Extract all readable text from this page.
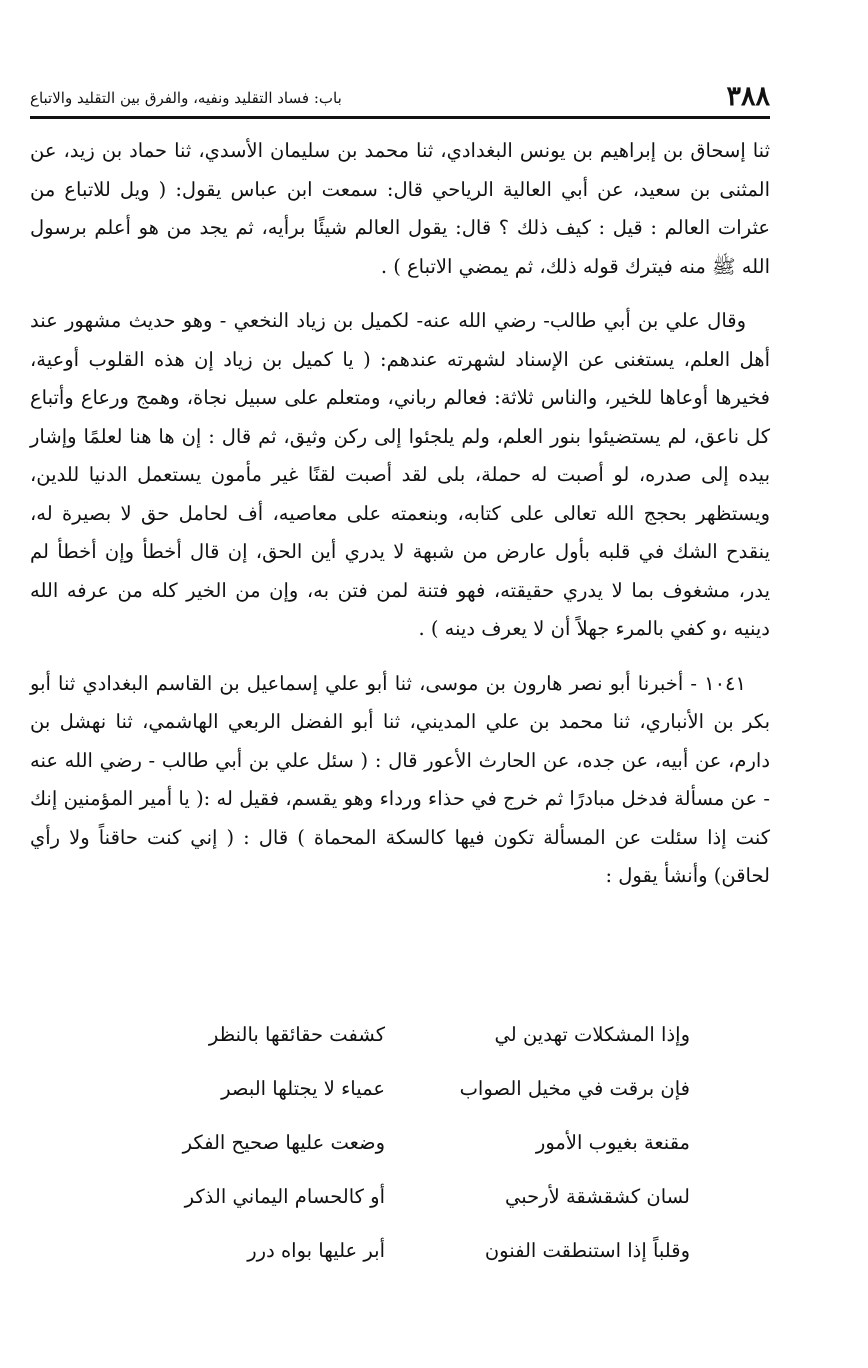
٣٨٨
باب: فساد التقليد ونفيه، والفرق بين التقليد والاتباع

ثنا إسحاق بن إبراهيم بن يونس البغدادي، ثنا محمد بن سليمان الأسدي، ثنا حماد بن زيد، عن المثنى بن سعيد، عن أبي العالية الرياحي قال: سمعت ابن عباس يقول: ( ويل للاتباع من عثرات العالم : قيل : كيف ذلك ؟ قال: يقول العالم شيئًا برأيه، ثم يجد من هو أعلم برسول الله ﷺ منه فيترك قوله ذلك، ثم يمضي الاتباع ) .

وقال علي بن أبي طالب- رضي الله عنه- لكميل بن زياد النخعي - وهو حديث مشهور عند أهل العلم، يستغنى عن الإسناد لشهرته عندهم: ( يا كميل بن زياد إن هذه القلوب أوعية، فخيرها أوعاها للخير، والناس ثلاثة: فعالم رباني، ومتعلم على سبيل نجاة، وهمج ورعاع وأتباع كل ناعق، لم يستضيئوا بنور العلم، ولم يلجئوا إلى ركن وثيق، ثم قال : إن ها هنا لعلمًا وإشار بيده إلى صدره، لو أصبت له حملة، بلى لقد أصبت لقنًا غير مأمون يستعمل الدنيا للدين، ويستظهر بحجج الله تعالى على كتابه، وبنعمته على معاصيه، أف لحامل حق لا بصيرة له، ينقدح الشك في قلبه بأول عارض من شبهة لا يدري أين الحق، إن قال أخطأ وإن أخطأ لم يدر، مشغوف بما لا يدري حقيقته، فهو فتنة لمن فتن به، وإن من الخير كله من عرفه الله دينيه ،و كفي بالمرء جهلاً أن لا يعرف دينه ) .

١٠٤١ - أخبرنا أبو نصر هارون بن موسى، ثنا أبو علي إسماعيل بن القاسم البغدادي ثنا أبو بكر بن الأنباري، ثنا محمد بن علي المديني، ثنا أبو الفضل الربعي الهاشمي، ثنا نهشل بن دارم، عن أبيه، عن جده، عن الحارث الأعور قال : ( سئل علي بن أبي طالب - رضي الله عنه - عن مسألة فدخل مبادرًا ثم خرج في حذاء ورداء وهو يقسم، فقيل له :( يا أمير المؤمنين إنك كنت إذا سئلت عن المسألة تكون فيها كالسكة المحماة ) قال : ( إني كنت حاقناً ولا رأي لحاقن) وأنشأ يقول :

وإذا المشكلات تهدين لي
كشفت حقائقها بالنظر
فإن برقت في مخيل الصواب
عمياء لا يجتلها البصر
مقنعة بغيوب الأمور
وضعت عليها صحيح الفكر
لسان كشقشقة لأرحبي
أو كالحسام اليماني الذكر
وقلباً إذا استنطقت الفنون
أبر عليها بواه درر
